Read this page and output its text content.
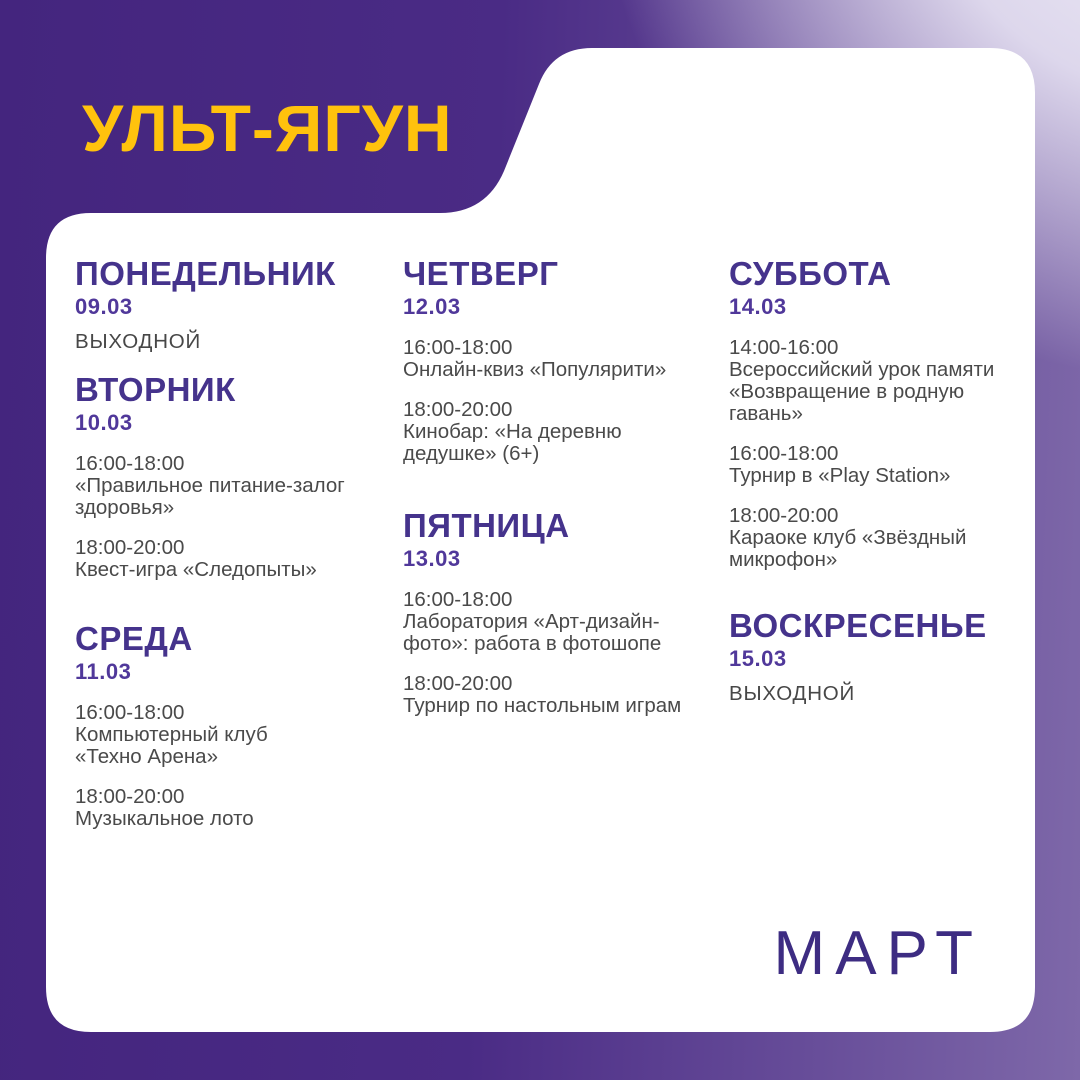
УЛЬТ-ЯГУН
ПОНЕДЕЛЬНИК
09.03
ВЫХОДНОЙ
ВТОРНИК
10.03
16:00-18:00
«Правильное питание-залог
здоровья»
18:00-20:00
Квест-игра «Следопыты»
СРЕДА
11.03
16:00-18:00
Компьютерный клуб
«Техно Арена»
18:00-20:00
Музыкальное лото
ЧЕТВЕРГ
12.03
16:00-18:00
Онлайн-квиз «Популярити»
18:00-20:00
Кинобар: «На деревню
дедушке» (6+)
ПЯТНИЦА
13.03
16:00-18:00
Лаборатория «Арт-дизайн-
фото»: работа в фотошопе
18:00-20:00
Турнир по настольным играм
СУББОТА
14.03
14:00-16:00
Всероссийский урок памяти
«Возвращение в родную
гавань»
16:00-18:00
Турнир в «Play Station»
18:00-20:00
Караоке клуб «Звёздный
микрофон»
ВОСКРЕСЕНЬЕ
15.03
ВЫХОДНОЙ
МАРТ
